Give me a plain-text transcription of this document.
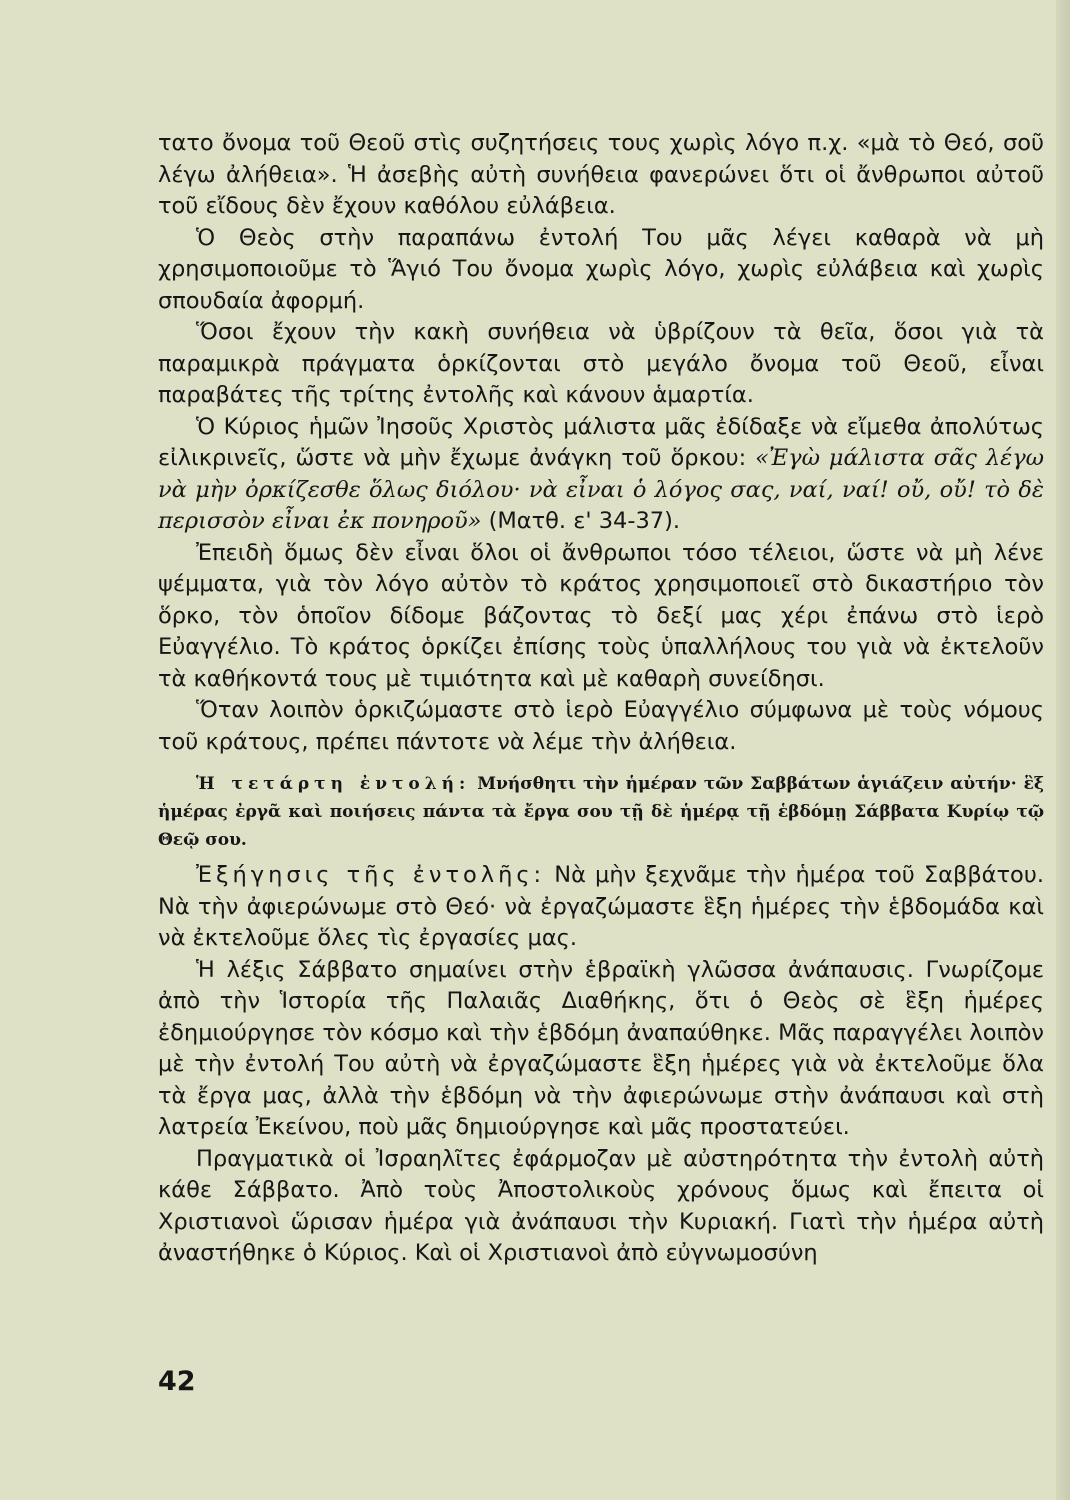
τατο ὄνομα τοῦ Θεοῦ στὶς συζητήσεις τους χωρὶς λόγο π.χ. «μὰ τὸ Θεό, σοῦ λέγω ἀλήθεια». Ἡ ἀσεβὴς αὐτὴ συνήθεια φανερώνει ὅτι οἱ ἄνθρωποι αὐτοῦ τοῦ εἴδους δὲν ἔχουν καθόλου εὐλάβεια.

Ὁ Θεὸς στὴν παραπάνω ἐντολή Του μᾶς λέγει καθαρὰ νὰ μὴ χρησιμοποιοῦμε τὸ Ἅγιό Του ὄνομα χωρὶς λόγο, χωρὶς εὐλάβεια καὶ χωρὶς σπουδαία ἀφορμή.

Ὅσοι ἔχουν τὴν κακὴ συνήθεια νὰ ὑβρίζουν τὰ θεῖα, ὅσοι γιὰ τὰ παραμικρὰ πράγματα ὁρκίζονται στὸ μεγάλο ὄνομα τοῦ Θεοῦ, εἶναι παραβάτες τῆς τρίτης ἐντολῆς καὶ κάνουν ἁμαρτία.

Ὁ Κύριος ἡμῶν Ἰησοῦς Χριστὸς μάλιστα μᾶς ἐδίδαξε νὰ εἴμεθα ἀπολύτως εἰλικρινεῖς, ὥστε νὰ μὴν ἔχωμε ἀνάγκη τοῦ ὅρκου: «Ἐγὼ μάλιστα σᾶς λέγω νὰ μὴν ὀρκίζεσθε ὅλως διόλου· νὰ εἶναι ὁ λόγος σας, ναί, ναί! οὔ, οὔ! τὸ δὲ περισσὸν εἶναι ἐκ πονηροῦ» (Ματθ. ε' 34-37).

Ἐπειδὴ ὅμως δὲν εἶναι ὅλοι οἱ ἄνθρωποι τόσο τέλειοι, ὥστε νὰ μὴ λένε ψέμματα, γιὰ τὸν λόγο αὐτὸν τὸ κράτος χρησιμοποιεῖ στὸ δικαστήριο τὸν ὅρκο, τὸν ὁποῖον δίδομε βάζοντας τὸ δεξί μας χέρι ἐπάνω στὸ ἱερὸ Εὐαγγέλιο. Τὸ κράτος ὁρκίζει ἐπίσης τοὺς ὑπαλλήλους του γιὰ νὰ ἐκτελοῦν τὰ καθήκοντά τους μὲ τιμιότητα καὶ μὲ καθαρὴ συνείδησι.

Ὅταν λοιπὸν ὁρκιζώμαστε στὸ ἱερὸ Εὐαγγέλιο σύμφωνα μὲ τοὺς νόμους τοῦ κράτους, πρέπει πάντοτε νὰ λέμε τὴν ἀλήθεια.

Ἡ τετάρτη ἐντολή: Μνήσθητι τὴν ἡμέραν τῶν Σαββάτων ἁγιάζειν αὐτήν· ἓξ ἡμέρας ἐργᾶ καὶ ποιήσεις πάντα τὰ ἔργα σου τῇ δὲ ἡμέρᾳ τῇ ἑβδόμῃ Σάββατα Κυρίῳ τῷ Θεῷ σου.

Ἐξήγησις τῆς ἐντολῆς: Νὰ μὴν ξεχνᾶμε τὴν ἡμέρα τοῦ Σαββάτου. Νὰ τὴν ἀφιερώνωμε στὸ Θεό· νὰ ἐργαζώμαστε ἓξη ἡμέρες τὴν ἑβδομάδα καὶ νὰ ἐκτελοῦμε ὅλες τὶς ἐργασίες μας.

Ἡ λέξις Σάββατο σημαίνει στὴν ἑβραϊκὴ γλῶσσα ἀνάπαυσις. Γνωρίζομε ἀπὸ τὴν Ἱστορία τῆς Παλαιᾶς Διαθήκης, ὅτι ὁ Θεὸς σὲ ἓξη ἡμέρες ἐδημιούργησε τὸν κόσμο καὶ τὴν ἑβδόμη ἀναπαύθηκε. Μᾶς παραγγέλει λοιπὸν μὲ τὴν ἐντολή Του αὐτὴ νὰ ἐργαζώμαστε ἓξη ἡμέρες γιὰ νὰ ἐκτελοῦμε ὅλα τὰ ἔργα μας, ἀλλὰ τὴν ἑβδόμη νὰ τὴν ἀφιερώνωμε στὴν ἀνάπαυσι καὶ στὴ λατρεία Ἐκείνου, ποὺ μᾶς δημιούργησε καὶ μᾶς προστατεύει.

Πραγματικὰ οἱ Ἰσραηλῖτες ἐφάρμοζαν μὲ αὐστηρότητα τὴν ἐντολὴ αὐτὴ κάθε Σάββατο. Ἀπὸ τοὺς Ἀποστολικοὺς χρόνους ὅμως καὶ ἔπειτα οἱ Χριστιανοὶ ὥρισαν ἡμέρα γιὰ ἀνάπαυσι τὴν Κυριακή. Γιατὶ τὴν ἡμέρα αὐτὴ ἀναστήθηκε ὁ Κύριος. Καὶ οἱ Χριστιανοὶ ἀπὸ εὐγνωμοσύνη

42
